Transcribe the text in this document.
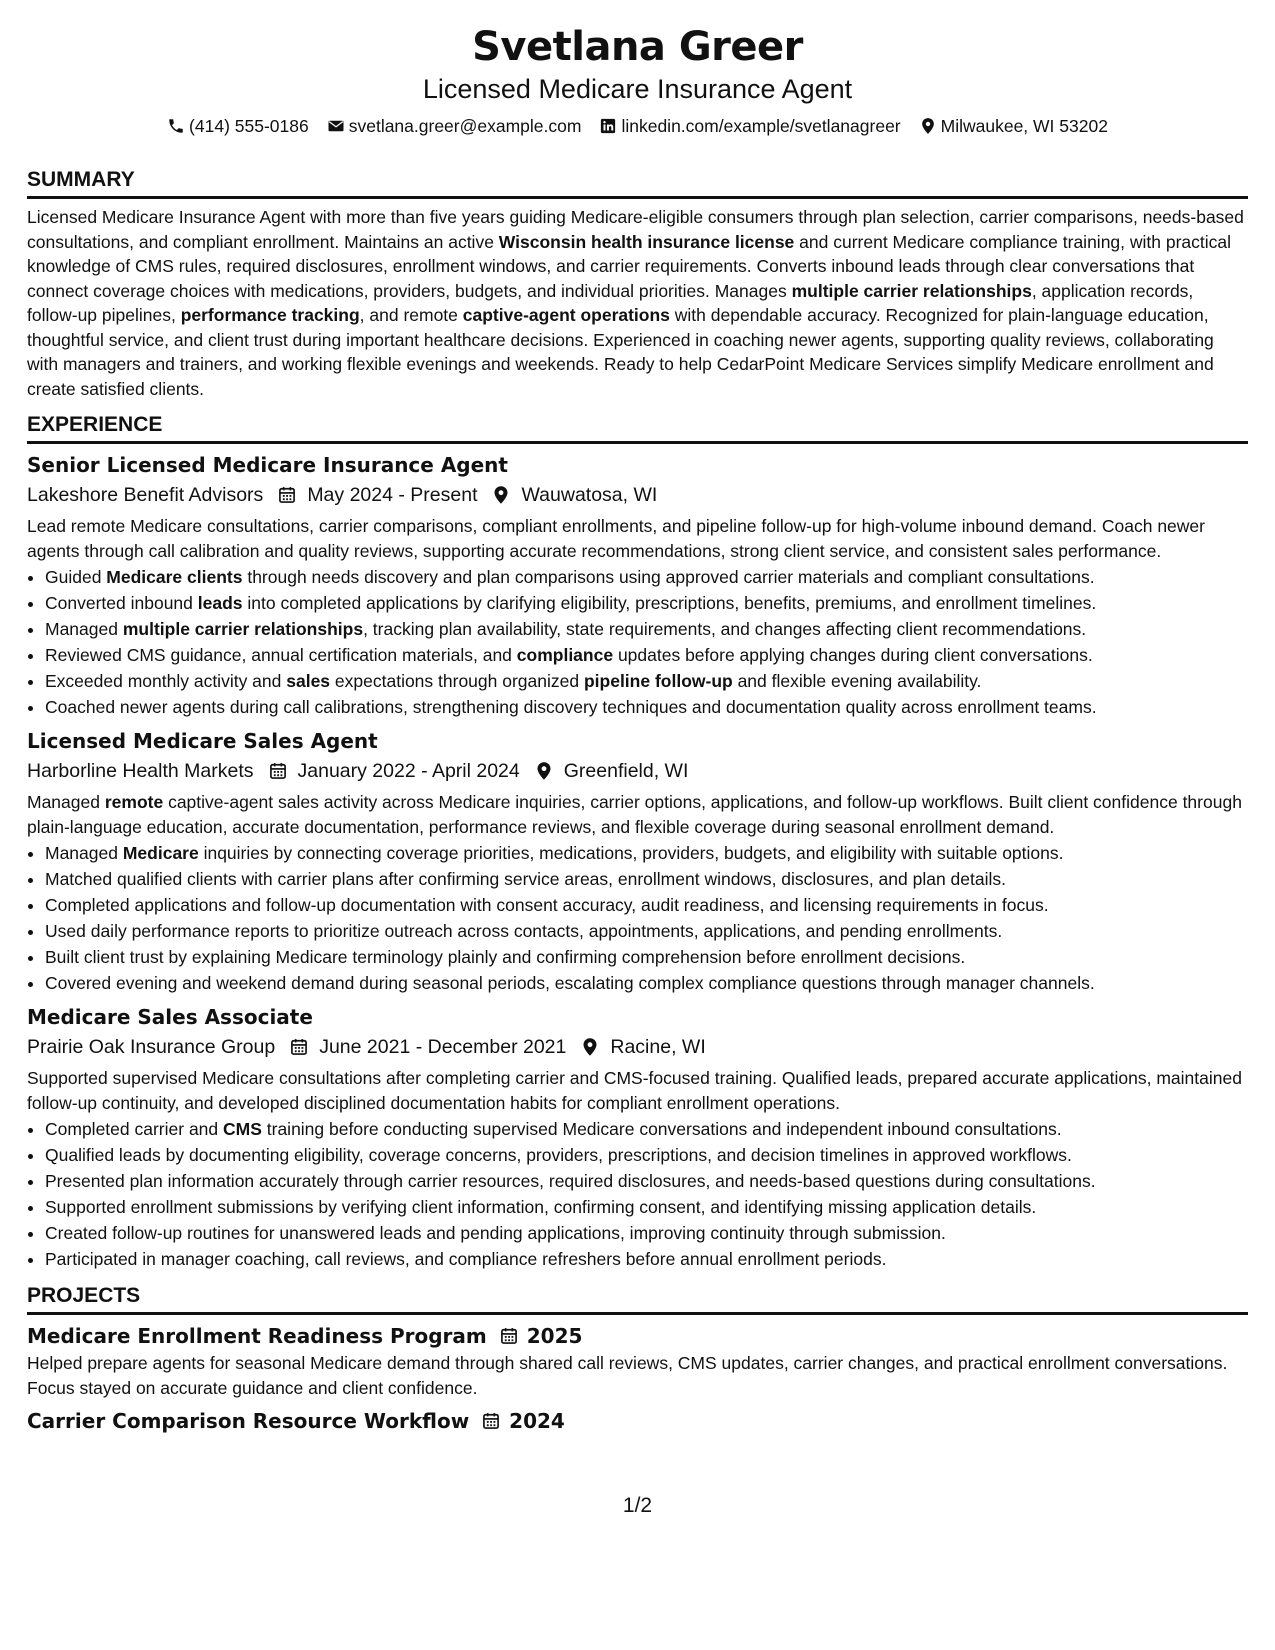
Svetlana Greer
Licensed Medicare Insurance Agent
(414) 555-0186 svetlana.greer@example.com linkedin.com/example/svetlanagreer Milwaukee, WI 53202
SUMMARY

Licensed Medicare Insurance Agent with more than five years guiding Medicare-eligible consumers through plan selection, carrier comparisons, needs-based consultations, and compliant enrollment. Maintains an active Wisconsin health insurance license and current Medicare compliance training, with practical knowledge of CMS rules, required disclosures, enrollment windows, and carrier requirements. Converts inbound leads through clear conversations that connect coverage choices with medications, providers, budgets, and individual priorities. Manages multiple carrier relationships, application records, follow-up pipelines, performance tracking, and remote captive-agent operations with dependable accuracy. Recognized for plain-language education, thoughtful service, and client trust during important healthcare decisions. Experienced in coaching newer agents, supporting quality reviews, collaborating with managers and trainers, and working flexible evenings and weekends. Ready to help CedarPoint Medicare Services simplify Medicare enrollment and create satisfied clients.

EXPERIENCE
Senior Licensed Medicare Insurance Agent
Lakeshore Benefit Advisors May 2024 - Present Wauwatosa, WI

Lead remote Medicare consultations, carrier comparisons, compliant enrollments, and pipeline follow-up for high-volume inbound demand. Coach newer agents through call calibration and quality reviews, supporting accurate recommendations, strong client service, and consistent sales performance.

• Guided Medicare clients through needs discovery and plan comparisons using approved carrier materials and compliant consultations.
• Converted inbound leads into completed applications by clarifying eligibility, prescriptions, benefits, premiums, and enrollment timelines.
• Managed multiple carrier relationships, tracking plan availability, state requirements, and changes affecting client recommendations.
• Reviewed CMS guidance, annual certification materials, and compliance updates before applying changes during client conversations.
• Exceeded monthly activity and sales expectations through organized pipeline follow-up and flexible evening availability.
• Coached newer agents during call calibrations, strengthening discovery techniques and documentation quality across enrollment teams.
Licensed Medicare Sales Agent
Harborline Health Markets January 2022 - April 2024 Greenfield, WI

Managed remote captive-agent sales activity across Medicare inquiries, carrier options, applications, and follow-up workflows. Built client confidence through plain-language education, accurate documentation, performance reviews, and flexible coverage during seasonal enrollment demand.

• Managed Medicare inquiries by connecting coverage priorities, medications, providers, budgets, and eligibility with suitable options.
• Matched qualified clients with carrier plans after confirming service areas, enrollment windows, disclosures, and plan details.
• Completed applications and follow-up documentation with consent accuracy, audit readiness, and licensing requirements in focus.
• Used daily performance reports to prioritize outreach across contacts, appointments, applications, and pending enrollments.
• Built client trust by explaining Medicare terminology plainly and confirming comprehension before enrollment decisions.
• Covered evening and weekend demand during seasonal periods, escalating complex compliance questions through manager channels.
Medicare Sales Associate
Prairie Oak Insurance Group June 2021 - December 2021 Racine, WI

Supported supervised Medicare consultations after completing carrier and CMS-focused training. Qualified leads, prepared accurate applications, maintained follow-up continuity, and developed disciplined documentation habits for compliant enrollment operations.

• Completed carrier and CMS training before conducting supervised Medicare conversations and independent inbound consultations.
• Qualified leads by documenting eligibility, coverage concerns, providers, prescriptions, and decision timelines in approved workflows.
• Presented plan information accurately through carrier resources, required disclosures, and needs-based questions during consultations.
• Supported enrollment submissions by verifying client information, confirming consent, and identifying missing application details.
• Created follow-up routines for unanswered leads and pending applications, improving continuity through submission.
• Participated in manager coaching, call reviews, and compliance refreshers before annual enrollment periods.
PROJECTS
Medicare Enrollment Readiness Program 2025

Helped prepare agents for seasonal Medicare demand through shared call reviews, CMS updates, carrier changes, and practical enrollment conversations. Focus stayed on accurate guidance and client confidence.

Carrier Comparison Resource Workflow 2024
1/2
